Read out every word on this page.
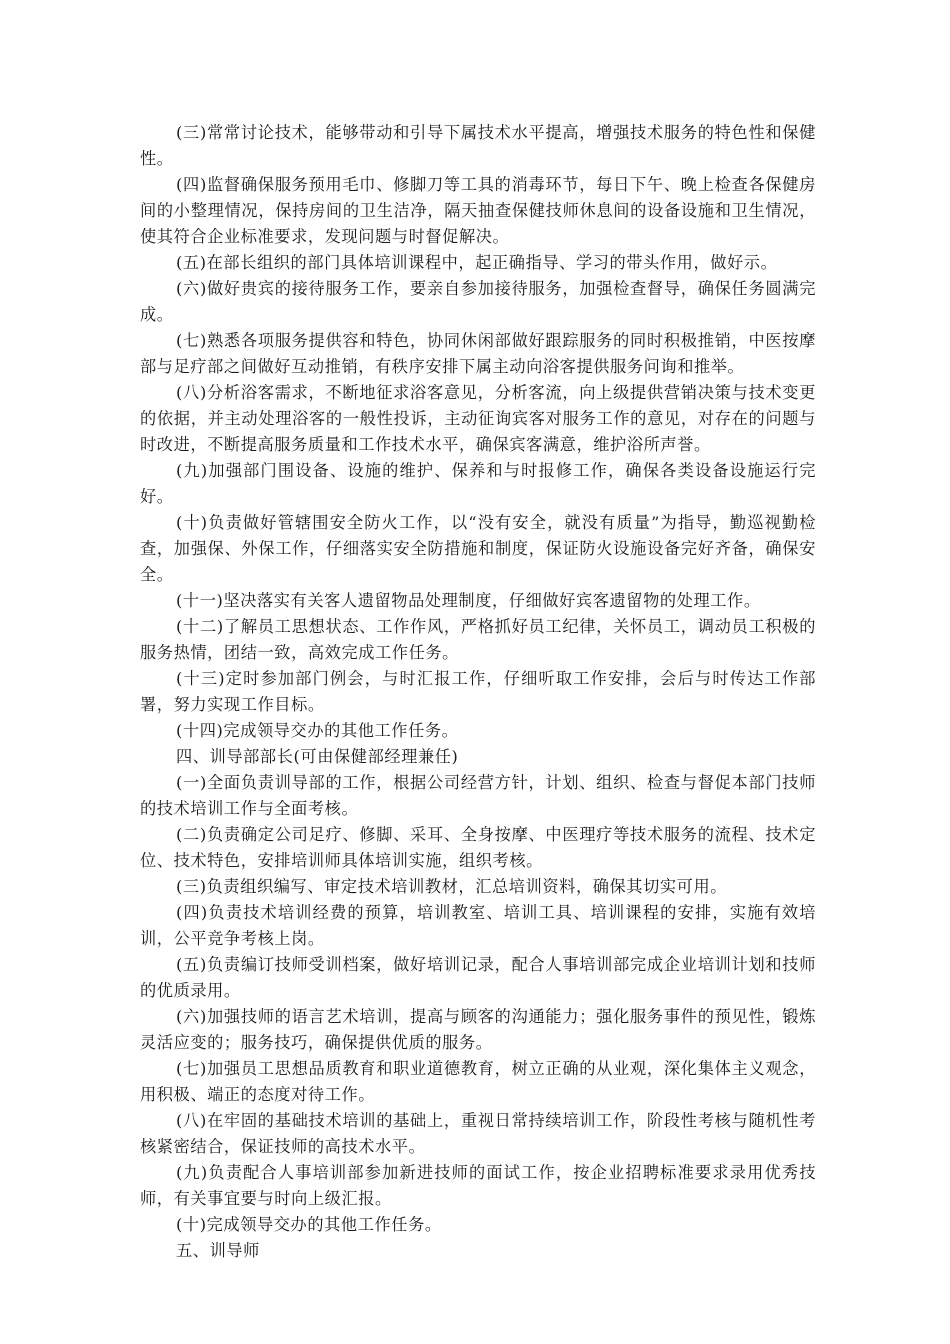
(三)常常讨论技术，能够带动和引导下属技术水平提高，增强技术服务的特色性和保健性。

(四)监督确保服务预用毛巾、修脚刀等工具的消毒环节，每日下午、晚上检查各保健房间的小整理情况，保持房间的卫生洁净，隔天抽查保健技师休息间的设备设施和卫生情况，使其符合企业标准要求，发现问题与时督促解决。

(五)在部长组织的部门具体培训课程中，起正确指导、学习的带头作用，做好示。

(六)做好贵宾的接待服务工作，要亲自参加接待服务，加强检查督导，确保任务圆满完成。

(七)熟悉各项服务提供容和特色，协同休闲部做好跟踪服务的同时积极推销，中医按摩部与足疗部之间做好互动推销，有秩序安排下属主动向浴客提供服务问询和推举。

(八)分析浴客需求，不断地征求浴客意见，分析客流，向上级提供营销决策与技术变更的依据，并主动处理浴客的一般性投诉，主动征询宾客对服务工作的意见，对存在的问题与时改进，不断提高服务质量和工作技术水平，确保宾客满意，维护浴所声誉。

(九)加强部门围设备、设施的维护、保养和与时报修工作，确保各类设备设施运行完好。

(十)负责做好管辖围安全防火工作，以“没有安全，就没有质量”为指导，勤巡视勤检查，加强保、外保工作，仔细落实安全防措施和制度，保证防火设施设备完好齐备，确保安全。

(十一)坚决落实有关客人遗留物品处理制度，仔细做好宾客遗留物的处理工作。

(十二)了解员工思想状态、工作作风，严格抓好员工纪律，关怀员工，调动员工积极的服务热情，团结一致，高效完成工作任务。

(十三)定时参加部门例会，与时汇报工作，仔细听取工作安排，会后与时传达工作部署，努力实现工作目标。

(十四)完成领导交办的其他工作任务。

四、训导部部长(可由保健部经理兼任)

(一)全面负责训导部的工作，根据公司经营方针，计划、组织、检查与督促本部门技师的技术培训工作与全面考核。

(二)负责确定公司足疗、修脚、采耳、全身按摩、中医理疗等技术服务的流程、技术定位、技术特色，安排培训师具体培训实施，组织考核。

(三)负责组织编写、审定技术培训教材，汇总培训资料，确保其切实可用。

(四)负责技术培训经费的预算，培训教室、培训工具、培训课程的安排，实施有效培训，公平竞争考核上岗。

(五)负责编订技师受训档案，做好培训记录，配合人事培训部完成企业培训计划和技师的优质录用。

(六)加强技师的语言艺术培训，提高与顾客的沟通能力；强化服务事件的预见性，锻炼灵活应变的；服务技巧，确保提供优质的服务。

(七)加强员工思想品质教育和职业道德教育，树立正确的从业观，深化集体主义观念，用积极、端正的态度对待工作。

(八)在牢固的基础技术培训的基础上，重视日常持续培训工作，阶段性考核与随机性考核紧密结合，保证技师的高技术水平。

(九)负责配合人事培训部参加新进技师的面试工作，按企业招聘标准要求录用优秀技师，有关事宜要与时向上级汇报。

(十)完成领导交办的其他工作任务。

五、训导师
